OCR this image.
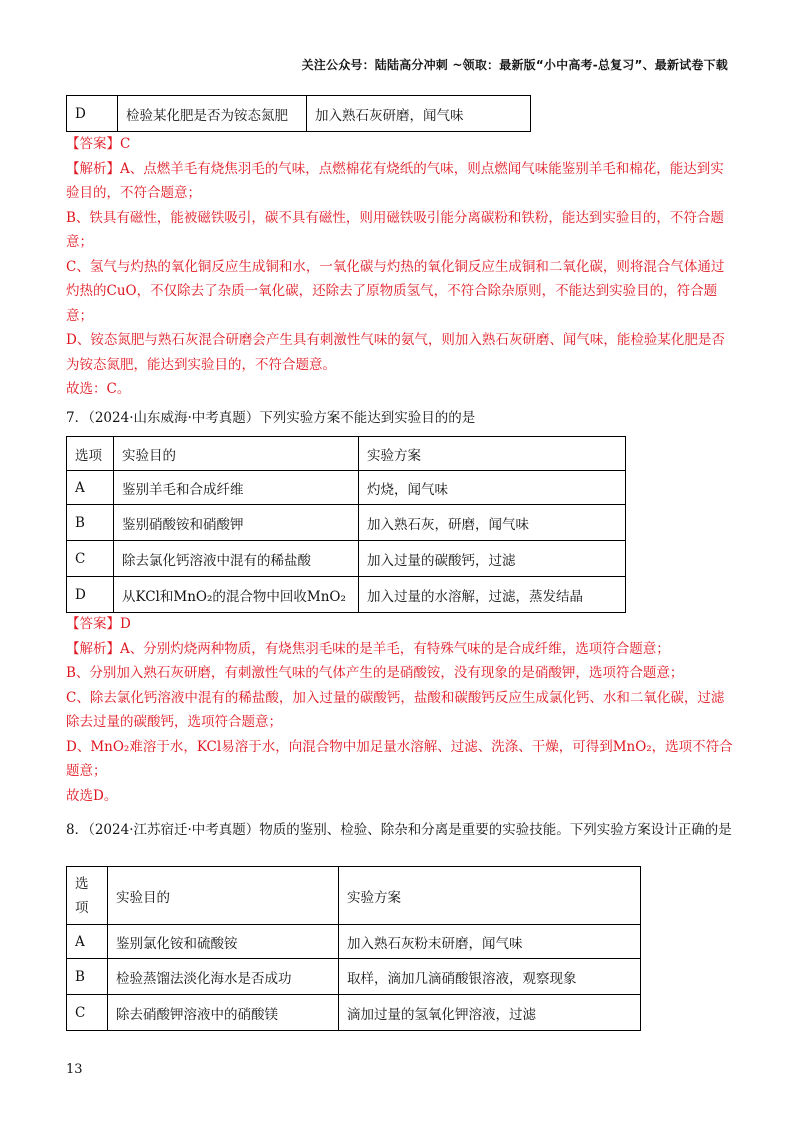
关注公众号：陆陆高分冲刺 ~领取：最新版“小中高考-总复习”、最新试卷下载
D	检验某化肥是否为铵态氮肥	加入熟石灰研磨，闻气味
【答案】C
【解析】A、点燃羊毛有烧焦羽毛的气味，点燃棉花有烧纸的气味，则点燃闻气味能鉴别羊毛和棉花，能达到实验目的，不符合题意；
B、铁具有磁性，能被磁铁吸引，碳不具有磁性，则用磁铁吸引能分离碳粉和铁粉，能达到实验目的，不符合题意；
C、氢气与灼热的氧化铜反应生成铜和水，一氧化碳与灼热的氧化铜反应生成铜和二氧化碳，则将混合气体通过灼热的CuO，不仅除去了杂质一氧化碳，还除去了原物质氢气，不符合除杂原则，不能达到实验目的，符合题意；
D、铵态氮肥与熟石灰混合研磨会产生具有刺激性气味的氨气，则加入熟石灰研磨、闻气味，能检验某化肥是否为铵态氮肥，能达到实验目的，不符合题意。
故选：C。
7．（2024·山东威海·中考真题）下列实验方案不能达到实验目的的是
选项	实验目的	实验方案
A	鉴别羊毛和合成纤维	灼烧，闻气味
B	鉴别硝酸铵和硝酸钾	加入熟石灰，研磨，闻气味
C	除去氯化钙溶液中混有的稀盐酸	加入过量的碳酸钙，过滤
D	从KCl和MnO₂的混合物中回收MnO₂	加入过量的水溶解，过滤，蒸发结晶
【答案】D
【解析】A、分别灼烧两种物质，有烧焦羽毛味的是羊毛，有特殊气味的是合成纤维，选项符合题意；
B、分别加入熟石灰研磨，有刺激性气味的气体产生的是硝酸铵，没有现象的是硝酸钾，选项符合题意；
C、除去氯化钙溶液中混有的稀盐酸，加入过量的碳酸钙，盐酸和碳酸钙反应生成氯化钙、水和二氧化碳，过滤除去过量的碳酸钙，选项符合题意；
D、MnO₂难溶于水，KCl易溶于水，向混合物中加足量水溶解、过滤、洗涤、干燥，可得到MnO₂，选项不符合题意；
故选D。
8．（2024·江苏宿迁·中考真题）物质的鉴别、检验、除杂和分离是重要的实验技能。下列实验方案设计正确的是
选项	实验目的	实验方案
A	鉴别氯化铵和硫酸铵	加入熟石灰粉末研磨，闻气味
B	检验蒸馏法淡化海水是否成功	取样，滴加几滴硝酸银溶液，观察现象
C	除去硝酸钾溶液中的硝酸镁	滴加过量的氢氧化钾溶液，过滤
13
